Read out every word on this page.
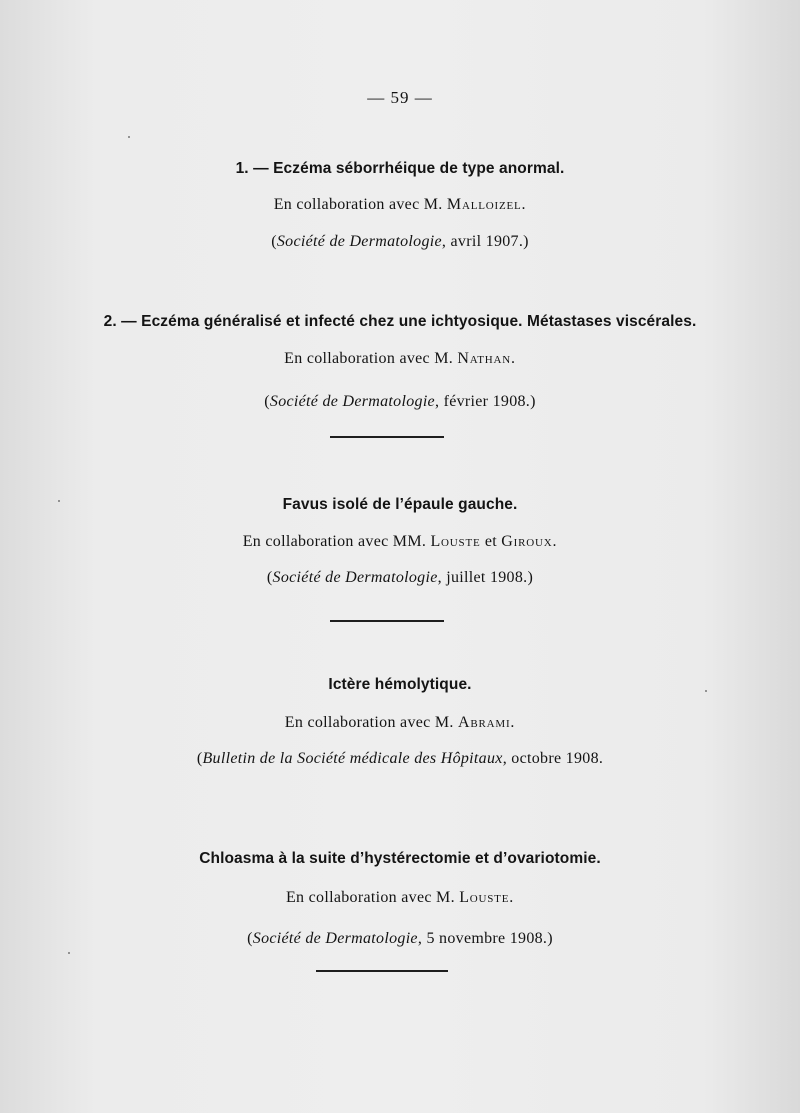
— 59 —
1. — Eczéma séborrhéique de type anormal.
En collaboration avec M. Malloizel.
(Société de Dermatologie, avril 1907.)
2. — Eczéma généralisé et infecté chez une ichtyosique. Métastases viscérales.
En collaboration avec M. Nathan.
(Société de Dermatologie, février 1908.)
Favus isolé de l’épaule gauche.
En collaboration avec MM. Louste et Giroux.
(Société de Dermatologie, juillet 1908.)
Ictère hémolytique.
En collaboration avec M. Abrami.
(Bulletin de la Société médicale des Hôpitaux, octobre 1908.
Chloasma à la suite d’hystérectomie et d’ovariotomie.
En collaboration avec M. Louste.
(Société de Dermatologie, 5 novembre 1908.)
